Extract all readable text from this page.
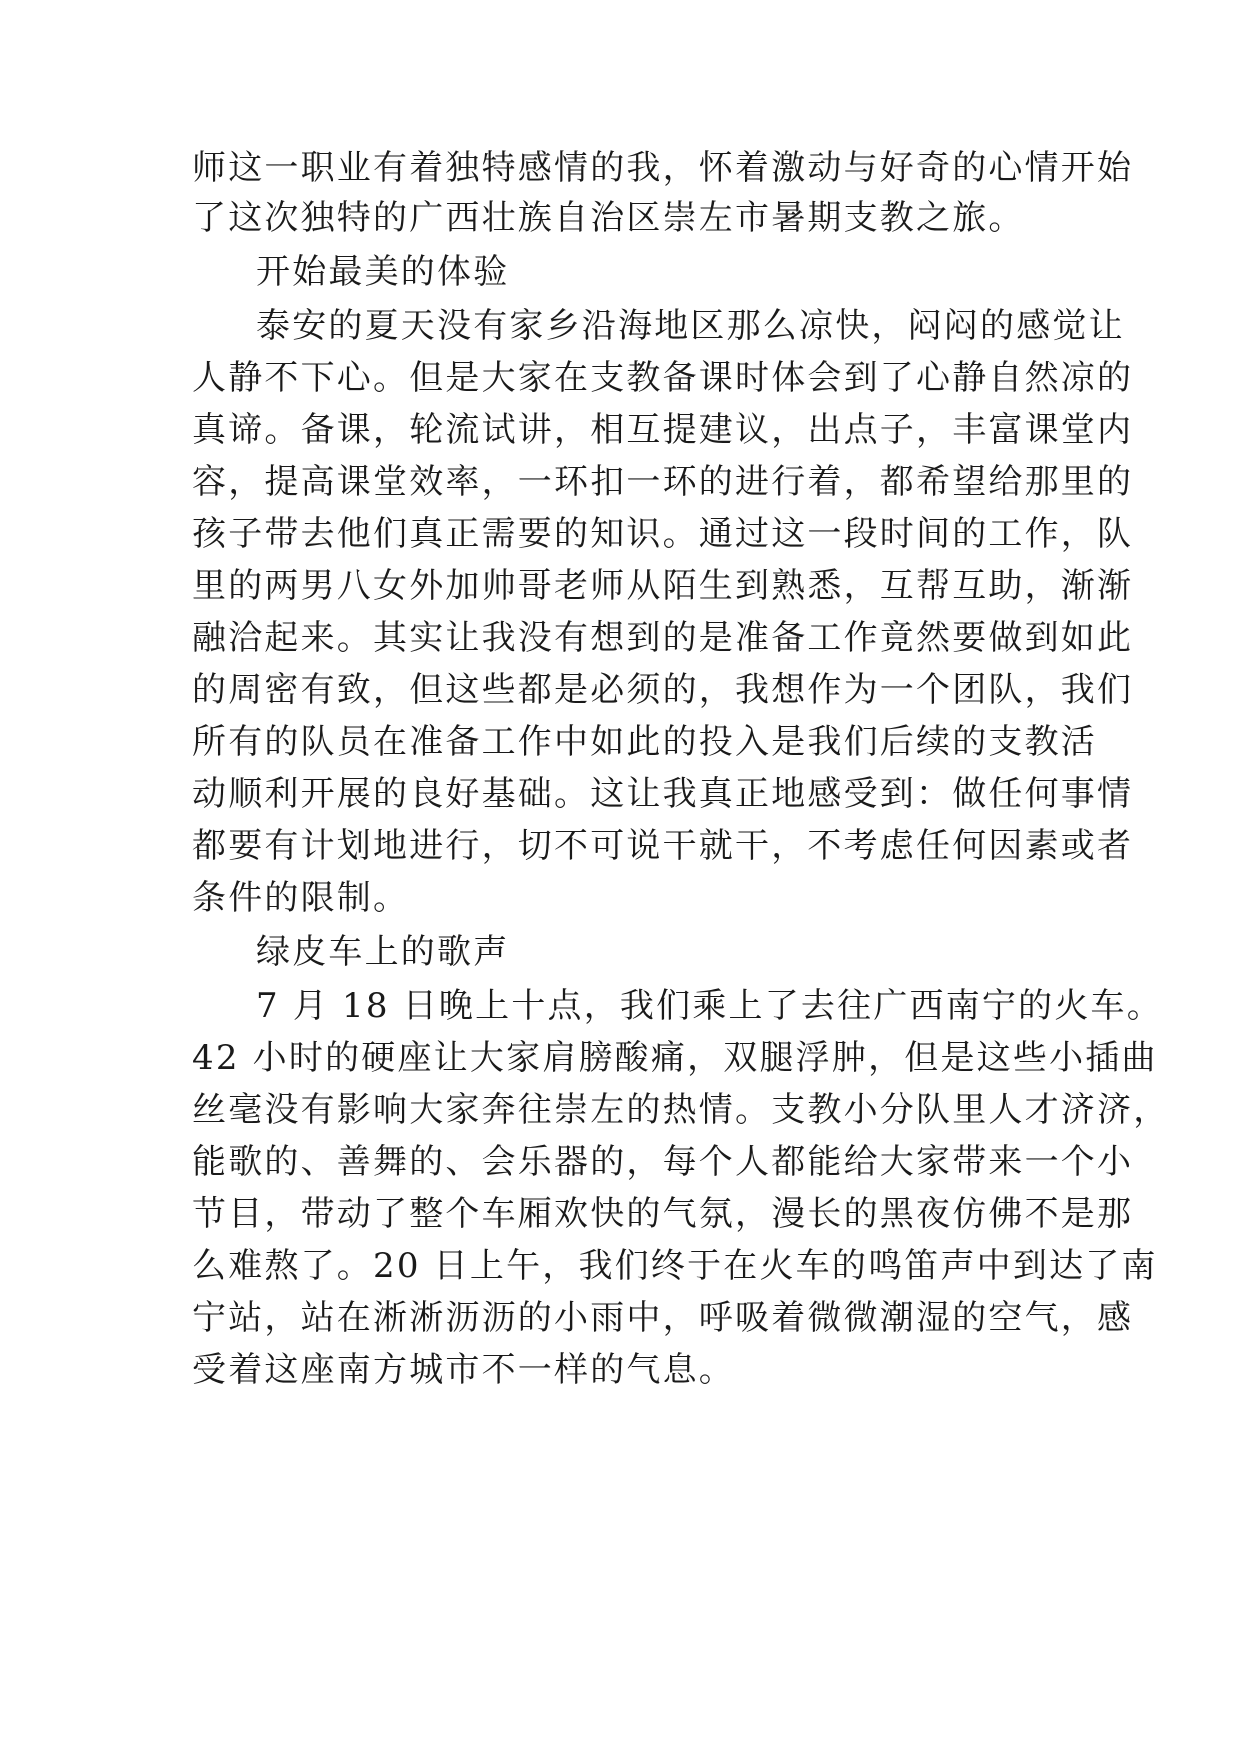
师这一职业有着独特感情的我，怀着激动与好奇的心情开始
了这次独特的广西壮族自治区崇左市暑期支教之旅。
开始最美的体验
泰安的夏天没有家乡沿海地区那么凉快，闷闷的感觉让
人静不下心。但是大家在支教备课时体会到了心静自然凉的
真谛。备课，轮流试讲，相互提建议，出点子，丰富课堂内
容，提高课堂效率，一环扣一环的进行着，都希望给那里的
孩子带去他们真正需要的知识。通过这一段时间的工作，队
里的两男八女外加帅哥老师从陌生到熟悉，互帮互助，渐渐
融洽起来。其实让我没有想到的是准备工作竟然要做到如此
的周密有致，但这些都是必须的，我想作为一个团队，我们
所有的队员在准备工作中如此的投入是我们后续的支教活
动顺利开展的良好基础。这让我真正地感受到：做任何事情
都要有计划地进行，切不可说干就干，不考虑任何因素或者
条件的限制。
绿皮车上的歌声
7 月 18 日晚上十点，我们乘上了去往广西南宁的火车。
42 小时的硬座让大家肩膀酸痛，双腿浮肿，但是这些小插曲
丝毫没有影响大家奔往崇左的热情。支教小分队里人才济济，
能歌的、善舞的、会乐器的，每个人都能给大家带来一个小
节目，带动了整个车厢欢快的气氛，漫长的黑夜仿佛不是那
么难熬了。20 日上午，我们终于在火车的鸣笛声中到达了南
宁站，站在淅淅沥沥的小雨中，呼吸着微微潮湿的空气，感
受着这座南方城市不一样的气息。
